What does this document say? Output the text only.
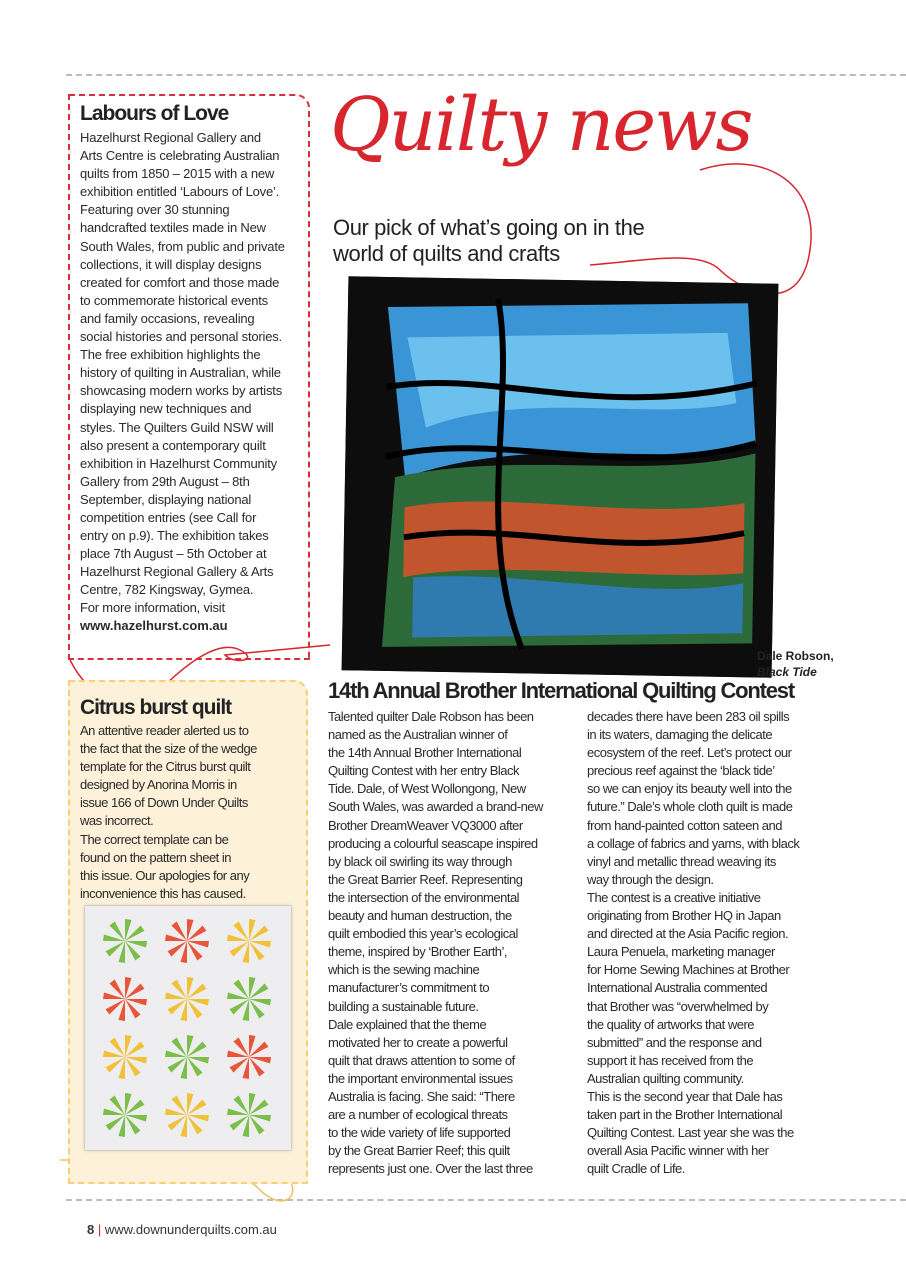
Labours of Love
Hazelhurst Regional Gallery and
Arts Centre is celebrating Australian
quilts from 1850 – 2015 with a new
exhibition entitled ‘Labours of Love’.
Featuring over 30 stunning
handcrafted textiles made in New
South Wales, from public and private
collections, it will display designs
created for comfort and those made
to commemorate historical events
and family occasions, revealing
social histories and personal stories.
The free exhibition highlights the
history of quilting in Australian, while
showcasing modern works by artists
displaying new techniques and
styles. The Quilters Guild NSW will
also present a contemporary quilt
exhibition in Hazelhurst Community
Gallery from 29th August – 8th
September, displaying national
competition entries (see Call for
entry on p.9). The exhibition takes
place 7th August – 5th October at
Hazelhurst Regional Gallery & Arts
Centre, 782 Kingsway, Gymea.
For more information, visit
www.hazelhurst.com.au
Quilty news
Our pick of what’s going on in the
world of quilts and crafts
Dale Robson,
Black Tide
Citrus burst quilt
An attentive reader alerted us to
the fact that the size of the wedge
template for the Citrus burst quilt
designed by Anorina Morris in
issue 166 of Down Under Quilts
was incorrect.
The correct template can be
found on the pattern sheet in
this issue. Our apologies for any
inconvenience this has caused.
14th Annual Brother International Quilting Contest
Talented quilter Dale Robson has been
named as the Australian winner of
the 14th Annual Brother International
Quilting Contest with her entry Black
Tide. Dale, of West Wollongong, New
South Wales, was awarded a brand-new
Brother DreamWeaver VQ3000 after
producing a colourful seascape inspired
by black oil swirling its way through
the Great Barrier Reef. Representing
the intersection of the environmental
beauty and human destruction, the
quilt embodied this year’s ecological
theme, inspired by ‘Brother Earth’,
which is the sewing machine
manufacturer’s commitment to
building a sustainable future.
Dale explained that the theme
motivated her to create a powerful
quilt that draws attention to some of
the important environmental issues
Australia is facing. She said: “There
are a number of ecological threats
to the wide variety of life supported
by the Great Barrier Reef; this quilt
represents just one. Over the last three
decades there have been 283 oil spills
in its waters, damaging the delicate
ecosystem of the reef. Let’s protect our
precious reef against the ‘black tide’
so we can enjoy its beauty well into the
future.” Dale’s whole cloth quilt is made
from hand-painted cotton sateen and
a collage of fabrics and yarns, with black
vinyl and metallic thread weaving its
way through the design.
The contest is a creative initiative
originating from Brother HQ in Japan
and directed at the Asia Pacific region.
Laura Penuela, marketing manager
for Home Sewing Machines at Brother
International Australia commented
that Brother was “overwhelmed by
the quality of artworks that were
submitted” and the response and
support it has received from the
Australian quilting community.
This is the second year that Dale has
taken part in the Brother International
Quilting Contest. Last year she was the
overall Asia Pacific winner with her
quilt Cradle of Life.
8 | www.downunderquilts.com.au
